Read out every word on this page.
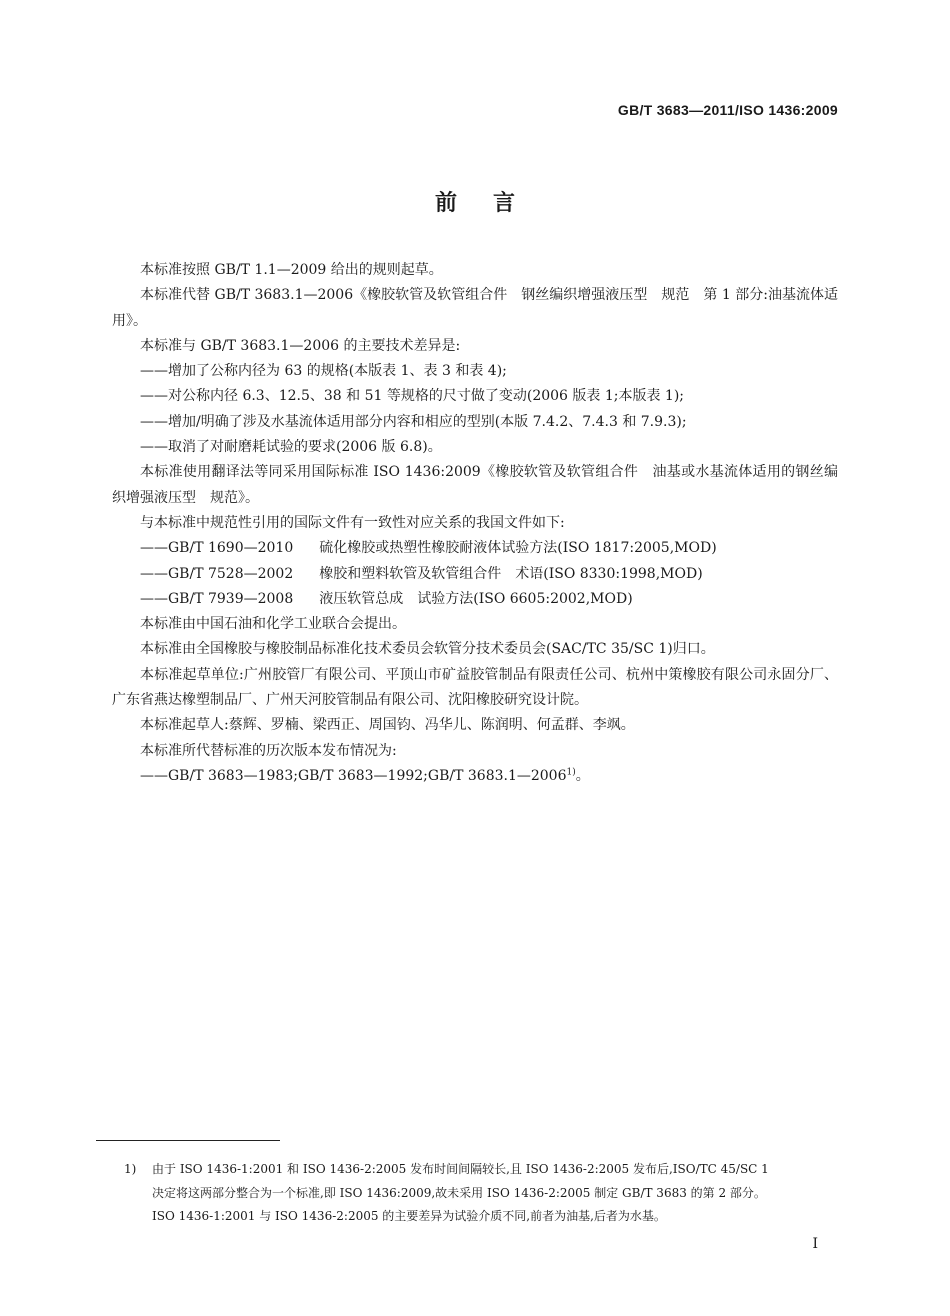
GB/T 3683—2011/ISO 1436:2009
前言

本标准按照 GB/T 1.1—2009 给出的规则起草。

本标准代替 GB/T 3683.1—2006《橡胶软管及软管组合件　钢丝编织增强液压型　规范　第 1 部分:油基流体适用》。

本标准与 GB/T 3683.1—2006 的主要技术差异是:

——增加了公称内径为 63 的规格(本版表 1、表 3 和表 4);

——对公称内径 6.3、12.5、38 和 51 等规格的尺寸做了变动(2006 版表 1;本版表 1);

——增加/明确了涉及水基流体适用部分内容和相应的型别(本版 7.4.2、7.4.3 和 7.9.3);

——取消了对耐磨耗试验的要求(2006 版 6.8)。

本标准使用翻译法等同采用国际标准 ISO 1436:2009《橡胶软管及软管组合件　油基或水基流体适用的钢丝编织增强液压型　规范》。

与本标准中规范性引用的国际文件有一致性对应关系的我国文件如下:

——GB/T 1690—2010 硫化橡胶或热塑性橡胶耐液体试验方法(ISO 1817:2005,MOD)

——GB/T 7528—2002 橡胶和塑料软管及软管组合件　术语(ISO 8330:1998,MOD)

——GB/T 7939—2008 液压软管总成　试验方法(ISO 6605:2002,MOD)

本标准由中国石油和化学工业联合会提出。

本标准由全国橡胶与橡胶制品标准化技术委员会软管分技术委员会(SAC/TC 35/SC 1)归口。

本标准起草单位:广州胶管厂有限公司、平顶山市矿益胶管制品有限责任公司、杭州中策橡胶有限公司永固分厂、广东省燕达橡塑制品厂、广州天河胶管制品有限公司、沈阳橡胶研究设计院。

本标准起草人:蔡辉、罗楠、梁西正、周国钧、冯华儿、陈润明、何孟群、李飒。

本标准所代替标准的历次版本发布情况为:

——GB/T 3683—1983;GB/T 3683—1992;GB/T 3683.1—2006$^{1)}$。

1) 由于 ISO 1436-1:2001 和 ISO 1436-2:2005 发布时间间隔较长,且 ISO 1436-2:2005 发布后,ISO/TC 45/SC 1

决定将这两部分整合为一个标准,即 ISO 1436:2009,故未采用 ISO 1436-2:2005 制定 GB/T 3683 的第 2 部分。

ISO 1436-1:2001 与 ISO 1436-2:2005 的主要差异为试验介质不同,前者为油基,后者为水基。

I
